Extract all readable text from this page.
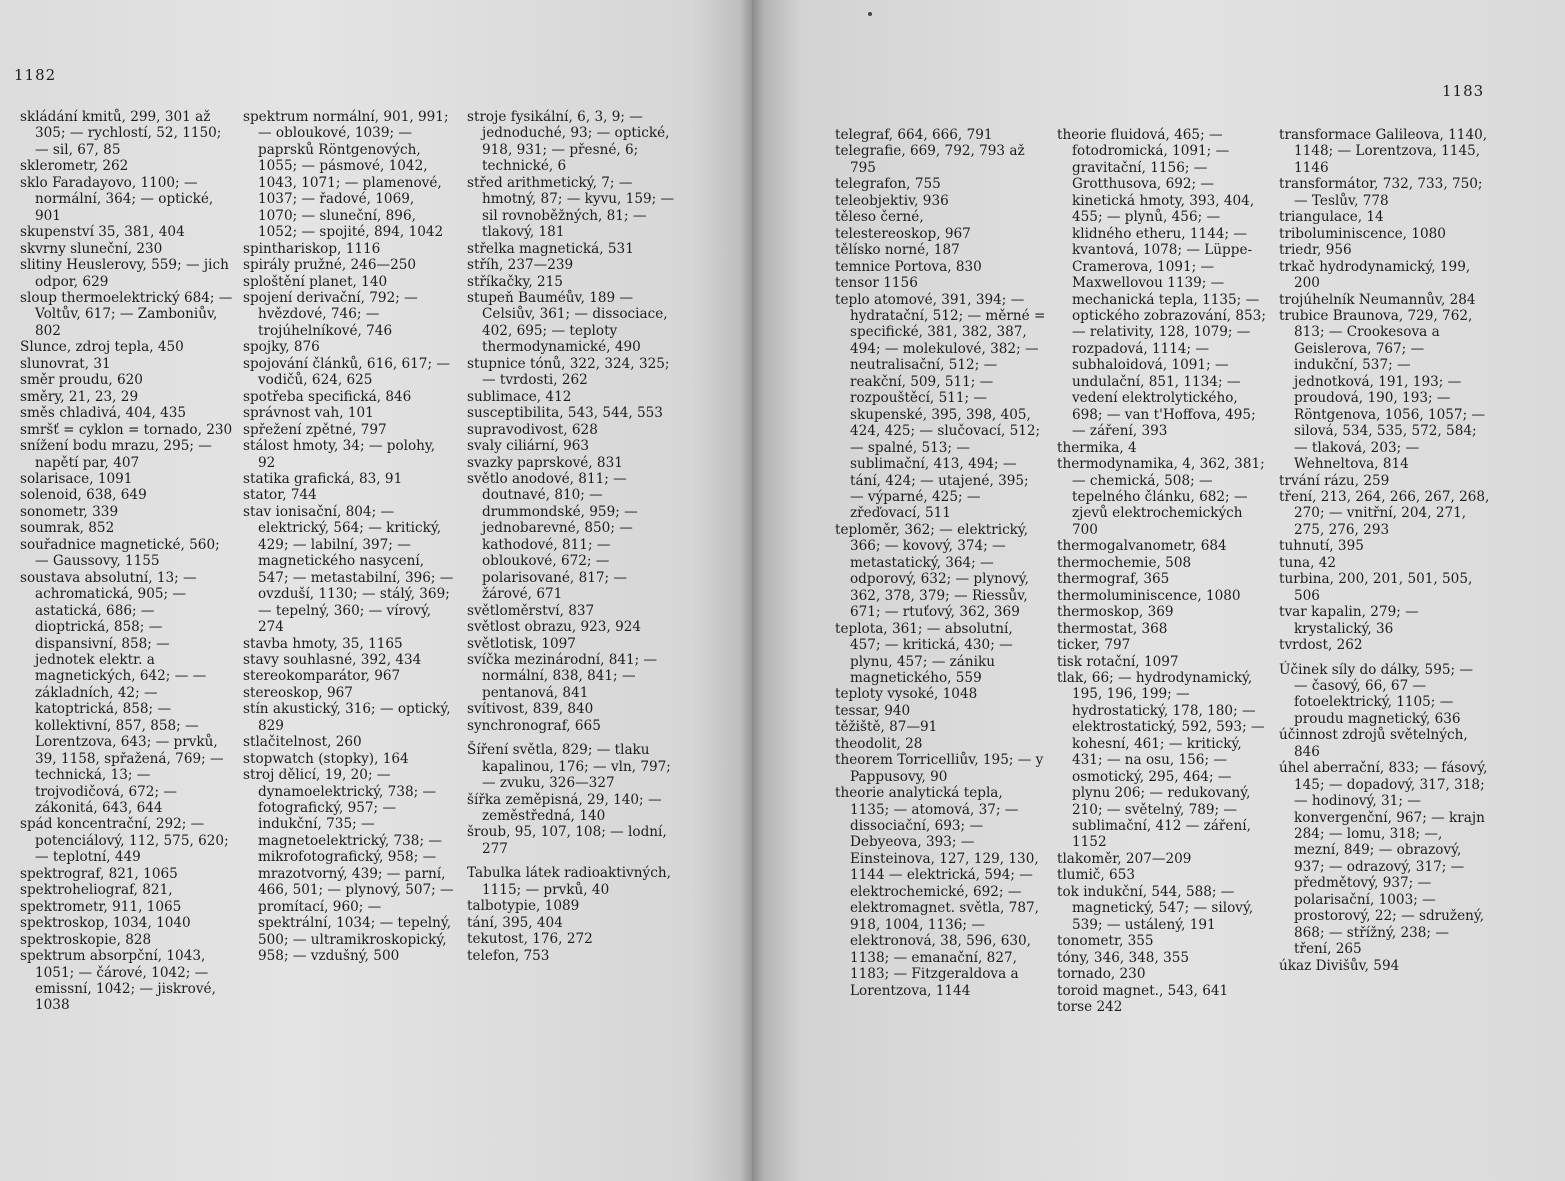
1182
1183
skládání kmitů, 299, 301 až 305; — rychlostí, 52, 1150; — sil, 67, 85
sklerometr, 262
sklo Faradayovo, 1100; — normální, 364; — optické, 901
skupenství 35, 381, 404
skvrny sluneční, 230
slitiny Heuslerovy, 559; — jich odpor, 629
sloup thermoelektrický 684; — Voltův, 617; — Zamboniův, 802
Slunce, zdroj tepla, 450
slunovrat, 31
směr proudu, 620
směry, 21, 23, 29
směs chladivá, 404, 435
smršť = cyklon = tornado, 230
snížení bodu mrazu, 295; — napětí par, 407
solarisace, 1091
solenoid, 638, 649
sonometr, 339
soumrak, 852
souřadnice magnetické, 560; — Gaussovy, 1155
soustava absolutní, 13; — achromatická, 905; — astatická, 686; — dioptrická, 858; — dispansivní, 858; — jednotek elektr. a magnetických, 642; — — základních, 42; — katoptrická, 858; — kollektivní, 857, 858; — Lorentzova, 643; — prvků, 39, 1158, spřažená, 769; — technická, 13; — trojvodičová, 672; — zákonitá, 643, 644
spád koncentrační, 292; — potenciálový, 112, 575, 620; — teplotní, 449
spektrograf, 821, 1065
spektroheliograf, 821,
spektrometr, 911, 1065
spektroskop, 1034, 1040
spektroskopie, 828
spektrum absorpční, 1043, 1051; — čárové, 1042; — emissní, 1042; — jiskrové, 1038
spektrum normální, 901, 991; — obloukové, 1039; — paprsků Röntgenových, 1055; — pásmové, 1042, 1043, 1071; — plamenové, 1037; — řadové, 1069, 1070; — sluneční, 896, 1052; — spojité, 894, 1042
spinthariskop, 1116
spirály pružné, 246—250
sploštění planet, 140
spojení derivační, 792; — hvězdové, 746; — trojúhelníkové, 746
spojky, 876
spojování článků, 616, 617; — vodičů, 624, 625
spotřeba specifická, 846
správnost vah, 101
spřežení zpětné, 797
stálost hmoty, 34; — polohy, 92
statika grafická, 83, 91
stator, 744
stav ionisační, 804; — elektrický, 564; — kritický, 429; — labilní, 397; — magnetického nasycení, 547; — metastabilní, 396; — ovzduší, 1130; — stálý, 369; — tepelný, 360; — vírový, 274
stavba hmoty, 35, 1165
stavy souhlasné, 392, 434
stereokomparátor, 967
stereoskop, 967
stín akustický, 316; — optický, 829
stlačitelnost, 260
stopwatch (stopky), 164
stroj dělicí, 19, 20; — dynamoelektrický, 738; — fotografický, 957; — indukční, 735; — magnetoelektrický, 738; — mikrofotografický, 958; — mrazotvorný, 439; — parní, 466, 501; — plynový, 507; — promítací, 960; — spektrální, 1034; — tepelný, 500; — ultramikroskopický, 958; — vzdušný, 500
stroje fysikální, 6, 3, 9; — jednoduché, 93; — optické, 918, 931; — přesné, 6; technické, 6
střed arithmetický, 7; — hmotný, 87; — kyvu, 159; — sil rovnoběžných, 81; — tlakový, 181
střelka magnetická, 531
stříh, 237—239
stříkačky, 215
stupeň Bauméův, 189 — Celsiův, 361; — dissociace, 402, 695; — teploty thermodynamické, 490
stupnice tónů, 322, 324, 325; — tvrdosti, 262
sublimace, 412
susceptibilita, 543, 544, 553
supravodivost, 628
svaly ciliární, 963
svazky paprskové, 831
světlo anodové, 811; — doutnavé, 810; — drummondské, 959; — jednobarevné, 850; — kathodové, 811; — obloukové, 672; — polarisované, 817; — žárové, 671
světloměrství, 837
světlost obrazu, 923, 924
světlotisk, 1097
svíčka mezinárodní, 841; — normální, 838, 841; — pentanová, 841
svítivost, 839, 840
synchronograf, 665
Šíření světla, 829; — tlaku kapalinou, 176; — vln, 797; — zvuku, 326—327
šířka zeměpisná, 29, 140; — zeměstředná, 140
šroub, 95, 107, 108; — lodní, 277
Tabulka látek radioaktivných, 1115; — prvků, 40
talbotypie, 1089
tání, 395, 404
tekutost, 176, 272
telefon, 753
telegraf, 664, 666, 791
telegrafie, 669, 792, 793 až 795
telegrafon, 755
teleobjektiv, 936
těleso černé,
telestereoskop, 967
tělísko norné, 187
temnice Portova, 830
tensor 1156
teplo atomové, 391, 394; — hydratační, 512; — měrné = specifické, 381, 382, 387, 494; — molekulové, 382; — neutralisační, 512; — reakční, 509, 511; — rozpouštěcí, 511; — skupenské, 395, 398, 405, 424, 425; — slučovací, 512; — spalné, 513; — sublimační, 413, 494; — tání, 424; — utajené, 395; — výparné, 425; — zřeďovací, 511
teploměr, 362; — elektrický, 366; — kovový, 374; — metastatický, 364; — odporový, 632; — plynový, 362, 378, 379; — Riessův, 671; — rtuťový, 362, 369
teplota, 361; — absolutní, 457; — kritická, 430; — plynu, 457; — zániku magnetického, 559
teploty vysoké, 1048
tessar, 940
těžiště, 87—91
theodolit, 28
theorem Torricelliův, 195; — y Pappusovy, 90
theorie analytická tepla, 1135; — atomová, 37; — dissociační, 693; — Debyeova, 393; — Einsteinova, 127, 129, 130, 1144 — elektrická, 594; — elektrochemické, 692; — elektromagnet. světla, 787, 918, 1004, 1136; — elektronová, 38, 596, 630, 1138; — emanační, 827, 1183; — Fitzgeraldova a Lorentzova, 1144
theorie fluidová, 465; — fotodromická, 1091; — gravitační, 1156; — Grotthusova, 692; — kinetická hmoty, 393, 404, 455; — plynů, 456; — klidného etheru, 1144; — kvantová, 1078; — Lüppe-Cramerova, 1091; — Maxwellovou 1139; — mechanická tepla, 1135; — optického zobrazování, 853; — relativity, 128, 1079; — rozpadová, 1114; — subhaloidová, 1091; — undulační, 851, 1134; — vedení elektrolytického, 698; — van t'Hoffova, 495; — záření, 393
thermika, 4
thermodynamika, 4, 362, 381; — chemická, 508; — tepelného článku, 682; — zjevů elektrochemických 700
thermogalvanometr, 684
thermochemie, 508
thermograf, 365
thermoluminiscence, 1080
thermoskop, 369
thermostat, 368
ticker, 797
tisk rotační, 1097
tlak, 66; — hydrodynamický, 195, 196, 199; — hydrostatický, 178, 180; — elektrostatický, 592, 593; — kohesní, 461; — kritický, 431; — na osu, 156; — osmotický, 295, 464; — plynu 206; — redukovaný, 210; — světelný, 789; — sublimační, 412 — záření, 1152
tlakoměr, 207—209
tlumič, 653
tok indukční, 544, 588; — magnetický, 547; — silový, 539; — ustálený, 191
tonometr, 355
tóny, 346, 348, 355
tornado, 230
toroid magnet., 543, 641
torse 242
transformace Galileova, 1140, 1148; — Lorentzova, 1145, 1146
transformátor, 732, 733, 750; — Teslův, 778
triangulace, 14
triboluminiscence, 1080
triedr, 956
trkač hydrodynamický, 199, 200
trojúhelník Neumannův, 284
trubice Braunova, 729, 762, 813; — Crookesova a Geislerova, 767; — indukční, 537; — jednotková, 191, 193; — proudová, 190, 193; — Röntgenova, 1056, 1057; — silová, 534, 535, 572, 584; — tlaková, 203; — Wehneltova, 814
trvání rázu, 259
tření, 213, 264, 266, 267, 268, 270; — vnitřní, 204, 271, 275, 276, 293
tuhnutí, 395
tuna, 42
turbina, 200, 201, 501, 505, 506
tvar kapalin, 279; — krystalický, 36
tvrdost, 262
Účinek síly do dálky, 595; — — časový, 66, 67 — fotoelektrický, 1105; — proudu magnetický, 636
účinnost zdrojů světelných, 846
úhel aberrační, 833; — fásový, 145; — dopadový, 317, 318; — hodinový, 31; — konvergenční, 967; — krajn 284; — lomu, 318; —, mezní, 849; — obrazový, 937; — odrazový, 317; — předmětový, 937; — polarisační, 1003; — prostorový, 22; — sdružený, 868; — střížný, 238; — tření, 265
úkaz Divišův, 594
